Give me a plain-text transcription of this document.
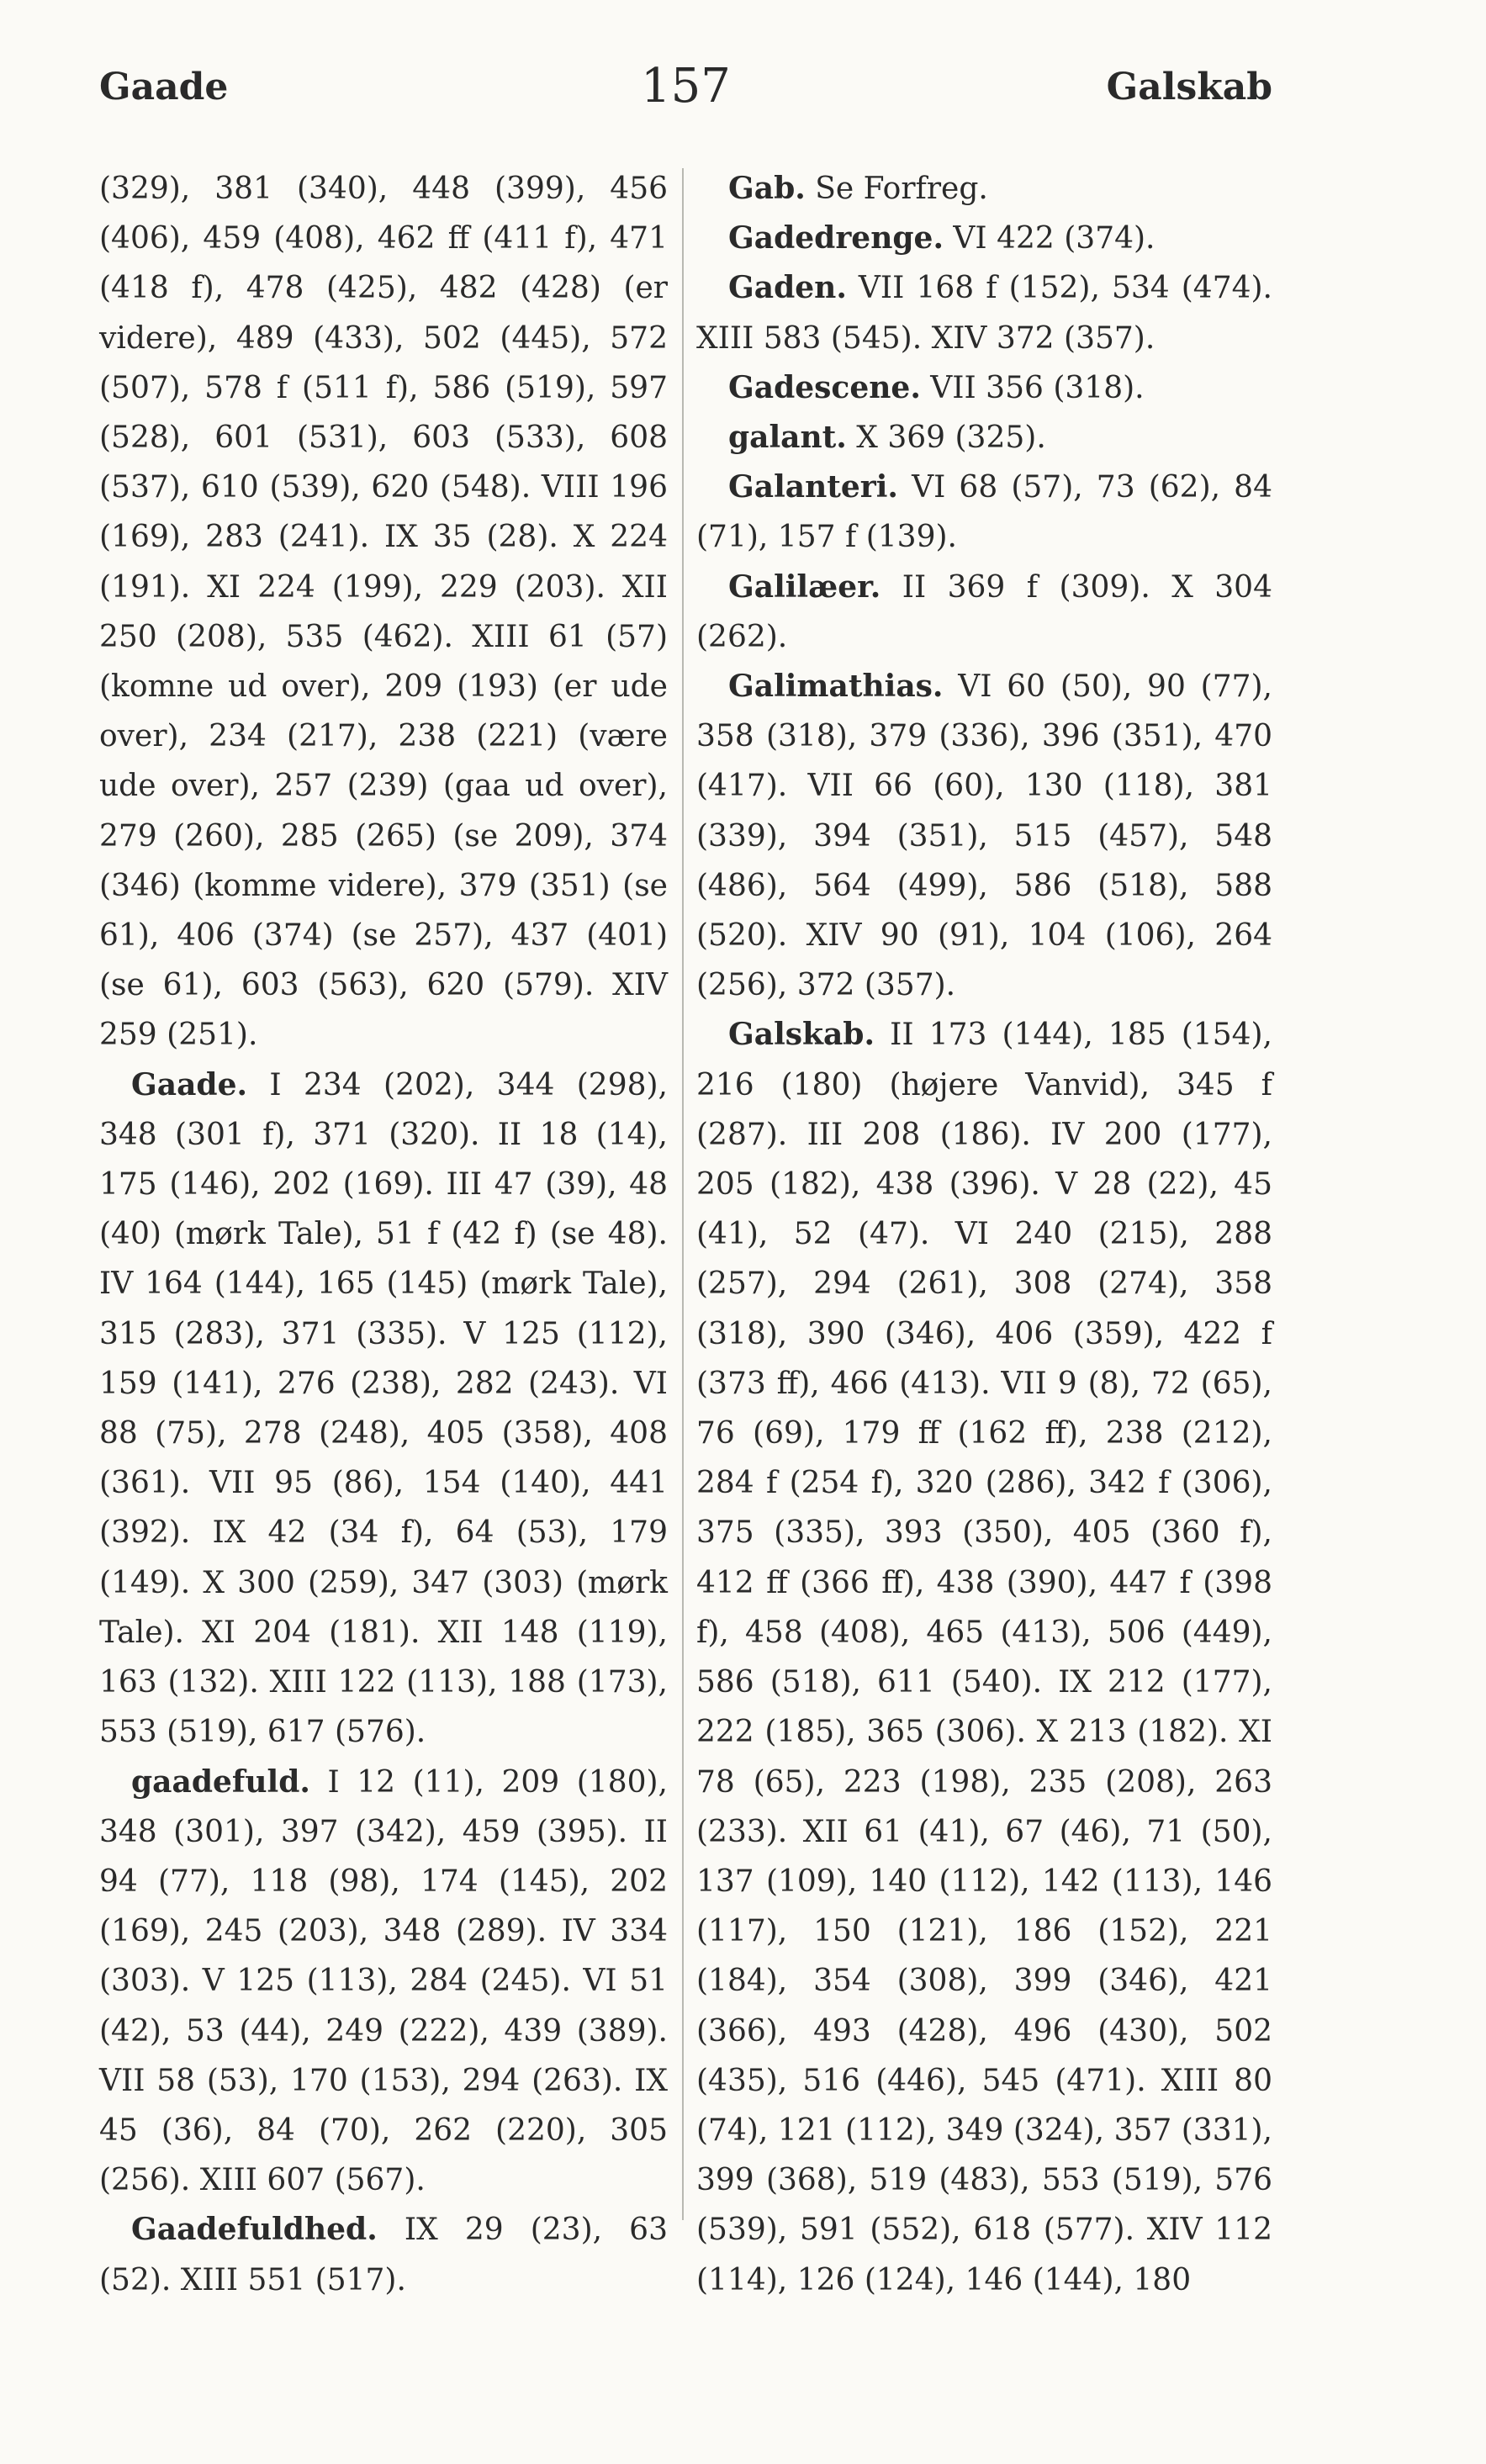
Gaade	157	Galskab

(329), 381 (340), 448 (399), 456 (406), 459 (408), 462 ff (411 f), 471 (418 f), 478 (425), 482 (428) (er videre), 489 (433), 502 (445), 572 (507), 578 f (511 f), 586 (519), 597 (528), 601 (531), 603 (533), 608 (537), 610 (539), 620 (548). VIII 196 (169), 283 (241). IX 35 (28). X 224 (191). XI 224 (199), 229 (203). XII 250 (208), 535 (462). XIII 61 (57) (komne ud over), 209 (193) (er ude over), 234 (217), 238 (221) (være ude over), 257 (239) (gaa ud over), 279 (260), 285 (265) (se 209), 374 (346) (komme videre), 379 (351) (se 61), 406 (374) (se 257), 437 (401) (se 61), 603 (563), 620 (579). XIV 259 (251).

Gaade. I 234 (202), 344 (298), 348 (301 f), 371 (320). II 18 (14), 175 (146), 202 (169). III 47 (39), 48 (40) (mørk Tale), 51 f (42 f) (se 48). IV 164 (144), 165 (145) (mørk Tale), 315 (283), 371 (335). V 125 (112), 159 (141), 276 (238), 282 (243). VI 88 (75), 278 (248), 405 (358), 408 (361). VII 95 (86), 154 (140), 441 (392). IX 42 (34 f), 64 (53), 179 (149). X 300 (259), 347 (303) (mørk Tale). XI 204 (181). XII 148 (119), 163 (132). XIII 122 (113), 188 (173), 553 (519), 617 (576).

gaadefuld. I 12 (11), 209 (180), 348 (301), 397 (342), 459 (395). II 94 (77), 118 (98), 174 (145), 202 (169), 245 (203), 348 (289). IV 334 (303). V 125 (113), 284 (245). VI 51 (42), 53 (44), 249 (222), 439 (389). VII 58 (53), 170 (153), 294 (263). IX 45 (36), 84 (70), 262 (220), 305 (256). XIII 607 (567).

Gaadefuldhed. IX 29 (23), 63 (52). XIII 551 (517).

Gab. Se Forfreg.

Gadedrenge. VI 422 (374).

Gaden. VII 168 f (152), 534 (474). XIII 583 (545). XIV 372 (357).

Gadescene. VII 356 (318).

galant. X 369 (325).

Galanteri. VI 68 (57), 73 (62), 84 (71), 157 f (139).

Galilæer. II 369 f (309). X 304 (262).

Galimathias. VI 60 (50), 90 (77), 358 (318), 379 (336), 396 (351), 470 (417). VII 66 (60), 130 (118), 381 (339), 394 (351), 515 (457), 548 (486), 564 (499), 586 (518), 588 (520). XIV 90 (91), 104 (106), 264 (256), 372 (357).

Galskab. II 173 (144), 185 (154), 216 (180) (højere Vanvid), 345 f (287). III 208 (186). IV 200 (177), 205 (182), 438 (396). V 28 (22), 45 (41), 52 (47). VI 240 (215), 288 (257), 294 (261), 308 (274), 358 (318), 390 (346), 406 (359), 422 f (373 ff), 466 (413). VII 9 (8), 72 (65), 76 (69), 179 ff (162 ff), 238 (212), 284 f (254 f), 320 (286), 342 f (306), 375 (335), 393 (350), 405 (360 f), 412 ff (366 ff), 438 (390), 447 f (398 f), 458 (408), 465 (413), 506 (449), 586 (518), 611 (540). IX 212 (177), 222 (185), 365 (306). X 213 (182). XI 78 (65), 223 (198), 235 (208), 263 (233). XII 61 (41), 67 (46), 71 (50), 137 (109), 140 (112), 142 (113), 146 (117), 150 (121), 186 (152), 221 (184), 354 (308), 399 (346), 421 (366), 493 (428), 496 (430), 502 (435), 516 (446), 545 (471). XIII 80 (74), 121 (112), 349 (324), 357 (331), 399 (368), 519 (483), 553 (519), 576 (539), 591 (552), 618 (577). XIV 112 (114), 126 (124), 146 (144), 180
